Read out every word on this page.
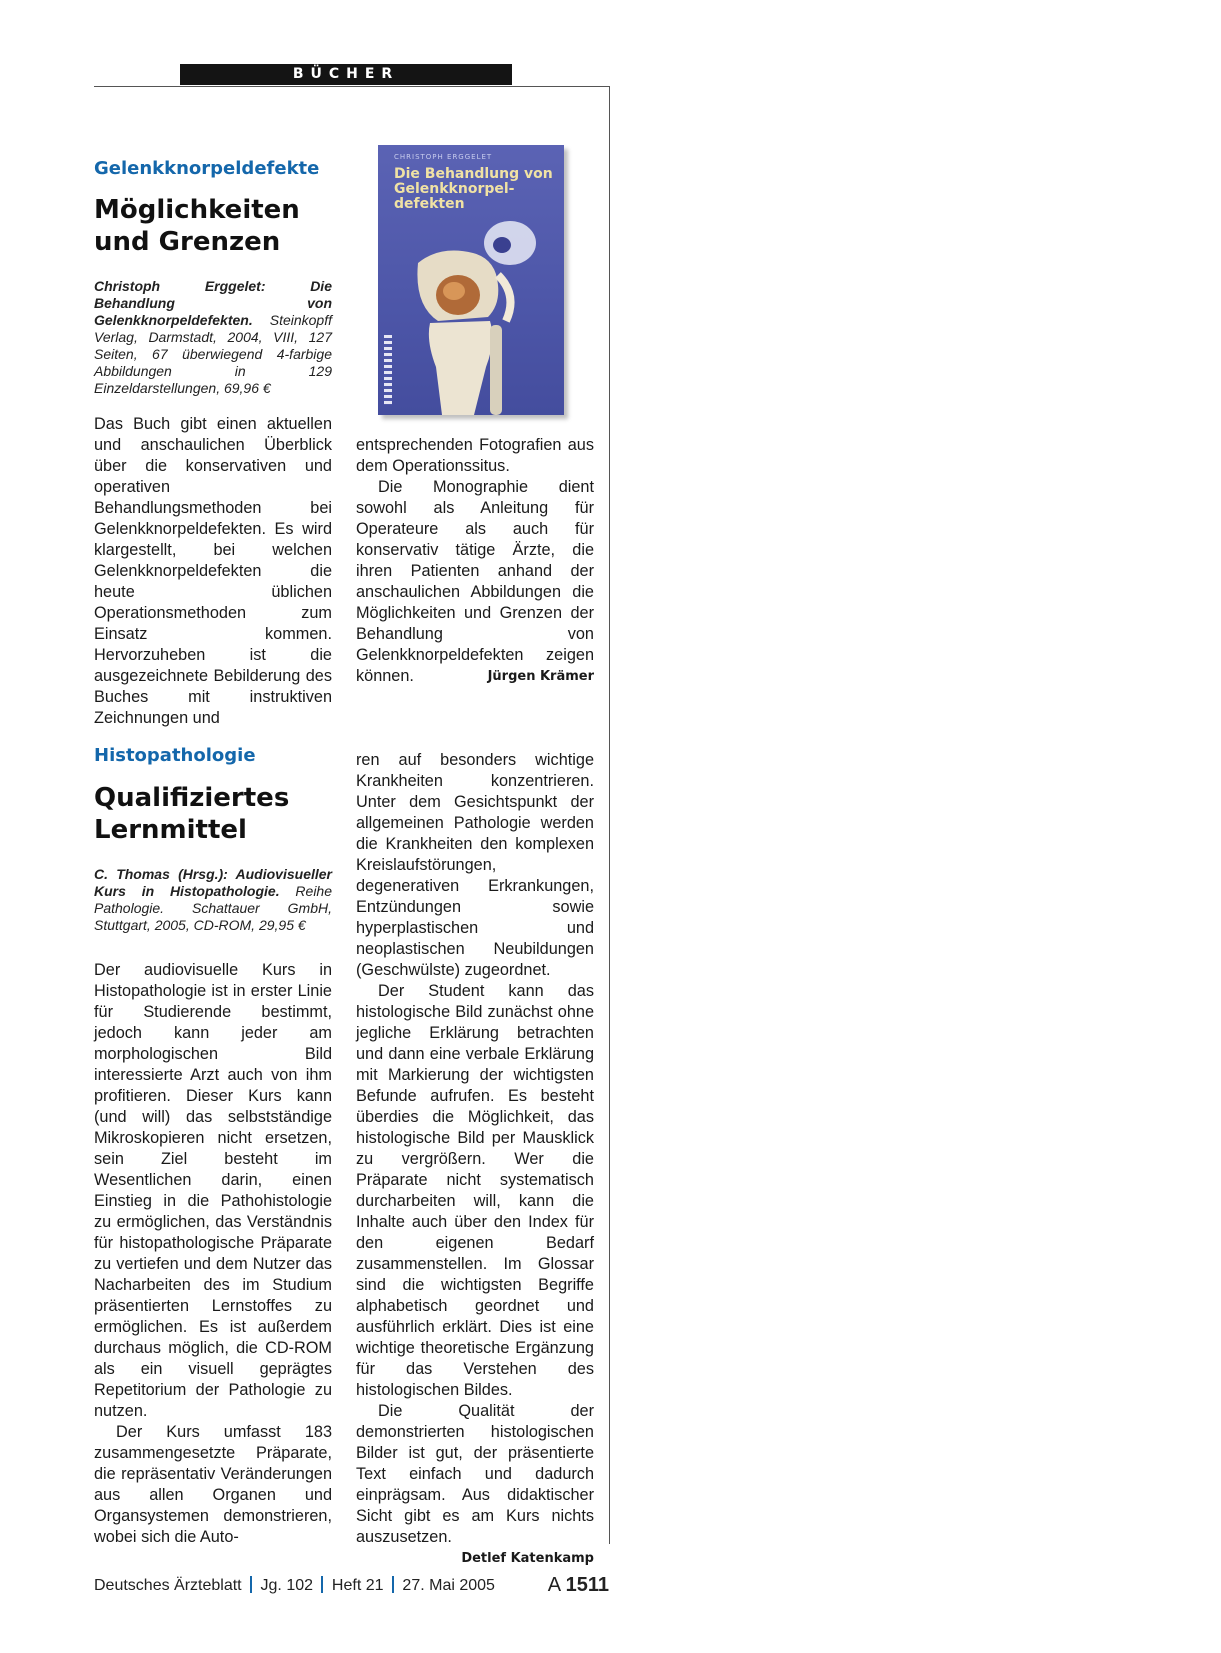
BÜCHER
Gelenkknorpeldefekte
Möglichkeiten und Grenzen

Christoph Erggelet: Die Behandlung von Gelenkknorpeldefekten. Steinkopff Verlag, Darmstadt, 2004, VIII, 127 Seiten, 67 überwiegend 4-farbige Abbildungen in 129 Einzeldarstellungen, 69,96 €

CHRISTOPH ERGGELET
Die Behandlung von Gelenkknorpel-defekten

Das Buch gibt einen aktuellen und anschaulichen Überblick über die konservativen und operativen Behandlungsmethoden bei Gelenkknorpeldefekten. Es wird klargestellt, bei welchen Gelenkknorpeldefekten die heute üblichen Operationsmethoden zum Einsatz kommen. Hervorzuheben ist die ausgezeichnete Bebilderung des Buches mit instruktiven Zeichnungen und

entsprechenden Fotografien aus dem Operationssitus.

Die Monographie dient sowohl als Anleitung für Operateure als auch für konservativ tätige Ärzte, die ihren Patienten anhand der anschaulichen Abbildungen die Möglichkeiten und Grenzen der Behandlung von Gelenkknorpeldefekten zeigen können.	Jürgen Krämer

Histopathologie
Qualifiziertes Lernmittel

C. Thomas (Hrsg.): Audiovisueller Kurs in Histopathologie. Reihe Pathologie. Schattauer GmbH, Stuttgart, 2005, CD-ROM, 29,95 €

Der audiovisuelle Kurs in Histopathologie ist in erster Linie für Studierende bestimmt, jedoch kann jeder am morphologischen Bild interessierte Arzt auch von ihm profitieren. Dieser Kurs kann (und will) das selbstständige Mikroskopieren nicht ersetzen, sein Ziel besteht im Wesentlichen darin, einen Einstieg in die Pathohistologie zu ermöglichen, das Verständnis für histopathologische Präparate zu vertiefen und dem Nutzer das Nacharbeiten des im Studium präsentierten Lernstoffes zu ermöglichen. Es ist außerdem durchaus möglich, die CD-ROM als ein visuell geprägtes Repetitorium der Pathologie zu nutzen.

Der Kurs umfasst 183 zusammengesetzte Präparate, die repräsentativ Veränderungen aus allen Organen und Organsystemen demonstrieren, wobei sich die Auto-

ren auf besonders wichtige Krankheiten konzentrieren. Unter dem Gesichtspunkt der allgemeinen Pathologie werden die Krankheiten den komplexen Kreislaufstörungen, degenerativen Erkrankungen, Entzündungen sowie hyperplastischen und neoplastischen Neubildungen (Geschwülste) zugeordnet.

Der Student kann das histologische Bild zunächst ohne jegliche Erklärung betrachten und dann eine verbale Erklärung mit Markierung der wichtigsten Befunde aufrufen. Es besteht überdies die Möglichkeit, das histologische Bild per Mausklick zu vergrößern. Wer die Präparate nicht systematisch durcharbeiten will, kann die Inhalte auch über den Index für den eigenen Bedarf zusammenstellen. Im Glossar sind die wichtigsten Begriffe alphabetisch geordnet und ausführlich erklärt. Dies ist eine wichtige theoretische Ergänzung für das Verstehen des histologischen Bildes.

Die Qualität der demonstrierten histologischen Bilder ist gut, der präsentierte Text einfach und dadurch einprägsam. Aus didaktischer Sicht gibt es am Kurs nichts auszusetzen.
Detlef Katenkamp

Deutsches Ärzteblatt Jg. 102 Heft 21 27. Mai 2005	A 1511
